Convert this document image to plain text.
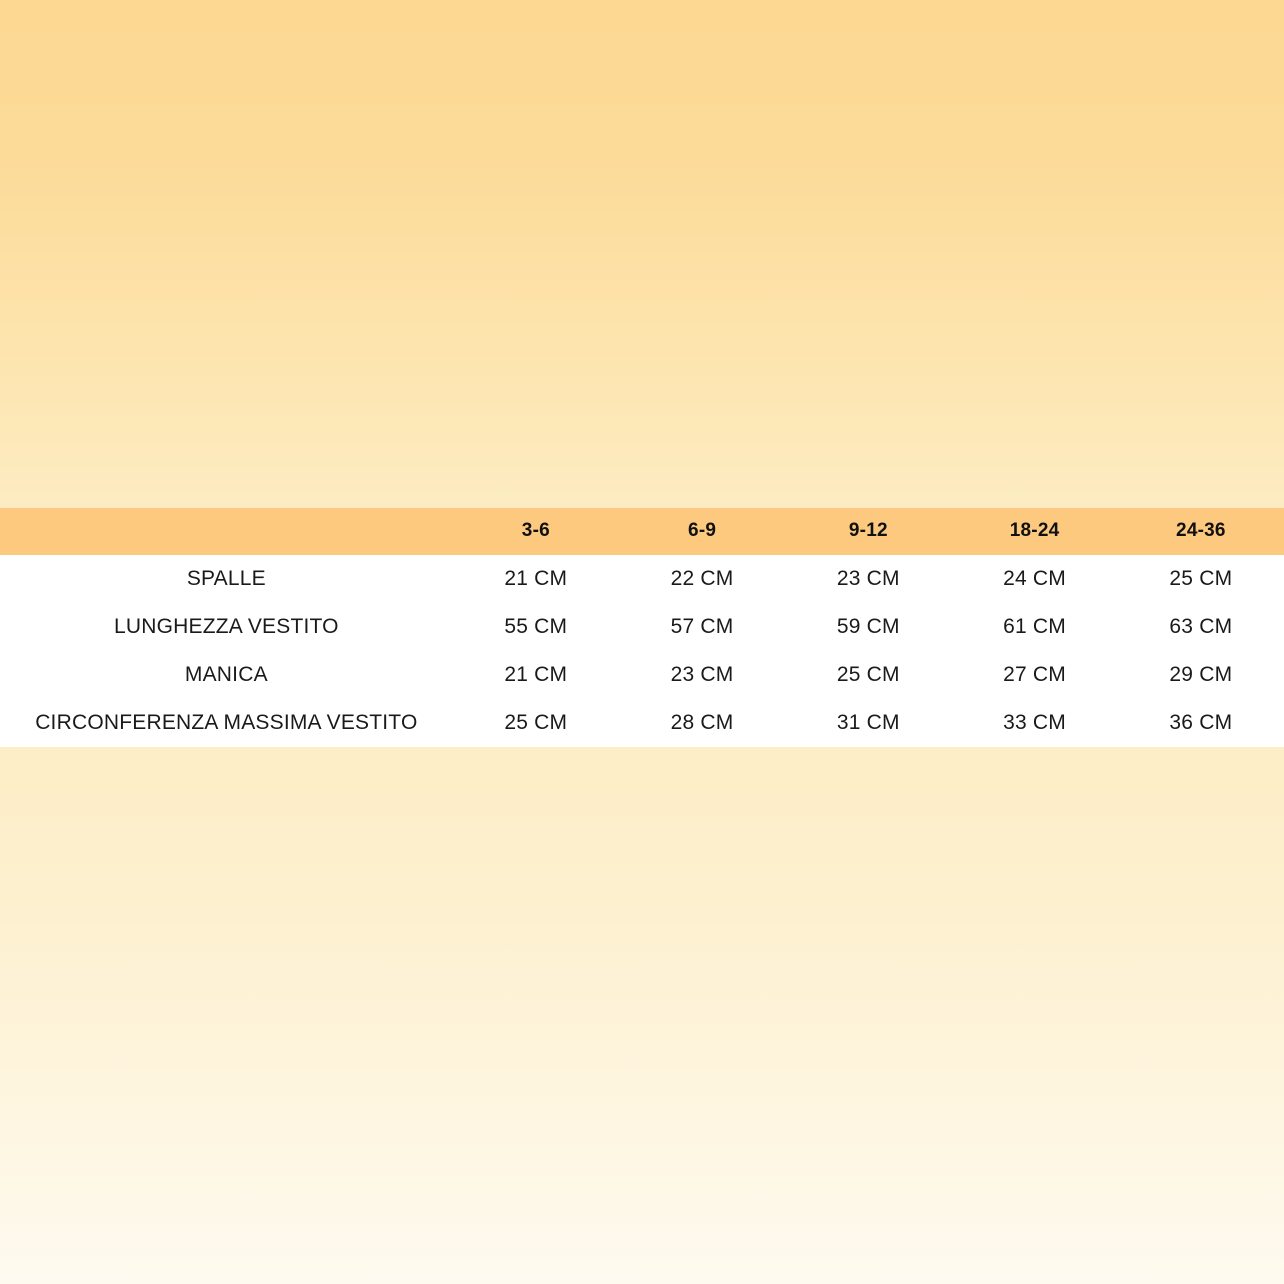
	3-6	6-9	9-12	18-24	24-36
SPALLE	21 CM	22 CM	23 CM	24 CM	25 CM
LUNGHEZZA VESTITO	55 CM	57 CM	59 CM	61 CM	63 CM
MANICA	21 CM	23 CM	25 CM	27 CM	29 CM
CIRCONFERENZA MASSIMA VESTITO	25 CM	28 CM	31 CM	33 CM	36 CM
